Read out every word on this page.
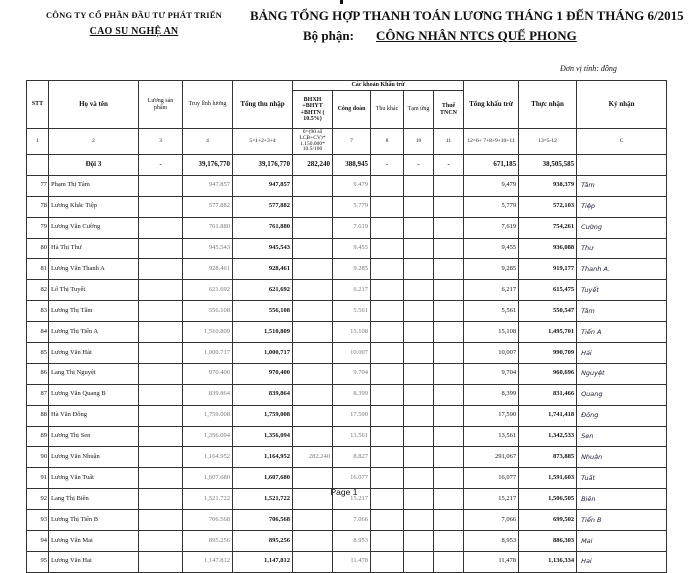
CÔNG TY CỔ PHẦN ĐẦU TƯ PHÁT TRIỂN
CAO SU NGHỆ AN
BẢNG TỔNG HỢP THANH TOÁN LƯƠNG THÁNG 1 ĐẾN THÁNG 6/2015
Bộ phận: CÔNG NHÂN NTCS QUẾ PHONG
Đơn vị tính: đồng
STT	Họ và tên	Lương sản phẩm	Truy lĩnh lương	Tổng thu nhập	Các khoản Khấu trừ					Tổng khấu trừ	Thực nhận	Ký nhận
					BHXH +BHYT +BHTN ( 10.5%)	Công đoàn	Thu khác	Tạm ứng	Thuế TNCN			
1	2	3	4	5=1+2+3+4	6=(90 số LCB+CV)* 1.150.000* 10.5/100	7	8	10	11	12=6+ 7+8+9+10+11	13=5-12	C
	Đội 3	-	39,176,770	39,176,770	282,240	388,945	-	-	-	671,185	38,505,585	
77	Phạm Thị Tâm		947.857	947,857		9.479				9,479	938,379	Tâm
78	Lương Khắc Tiệp		577.882	577,882		5.779				5,779	572,103	Tiệp
79	Lương Văn Cường		761.880	761,880		7.619				7,619	754,261	Cường
80	Hà Thị Thư		945.543	945,543		9.455				9,455	936,088	Thư
81	Lương Văn Thanh A		928.461	928,461		9.285				9,285	919,177	Thanh A.
82	Lô Thị Tuyết		621.692	621,692		6.217				6,217	615,475	Tuyết
83	Lương Thị Tâm		556.108	556,108		5.561				5,561	550,547	Tâm
84	Lương Thị Tiến A		1,510.809	1,510,809		15.108				15,108	1,495,701	Tiến A
85	Lương Văn Hải		1,000.717	1,000,717		10.007				10,007	990,709	Hải
86	Lang Thị Nguyệt		970.400	970,400		9.704				9,704	960,696	Nguyệt
87	Lương Văn Quang B		839.864	839,864		8.399				8,399	831,466	Quang
88	Hà Văn Đông		1,759.008	1,759,008		17.590				17,590	1,741,418	Đông
89	Lương Thị Sen		1,356.094	1,356,094		13.561				13,561	1,342,533	Sen
90	Lương Văn Nhuận		1,164.952	1,164,952	282.240	8.827				291,067	873,885	Nhuận
91	Lương Văn Tuất		1,607.680	1,607,680		16.077				16,077	1,591,603	Tuất
92	Lang Thị Biên		1,521.722	1,521,722		15.217				15,217	1,506,505	Biên
93	Lương Thị Tiến B		706.568	706,568		7.066				7,066	699,502	Tiến B
94	Lương Văn Mai		895.256	895,256		8.953				8,953	886,303	Mai
95	Lương Văn Hai		1,147.812	1,147,812		11.478				11,478	1,136,334	Hai
Page 1
